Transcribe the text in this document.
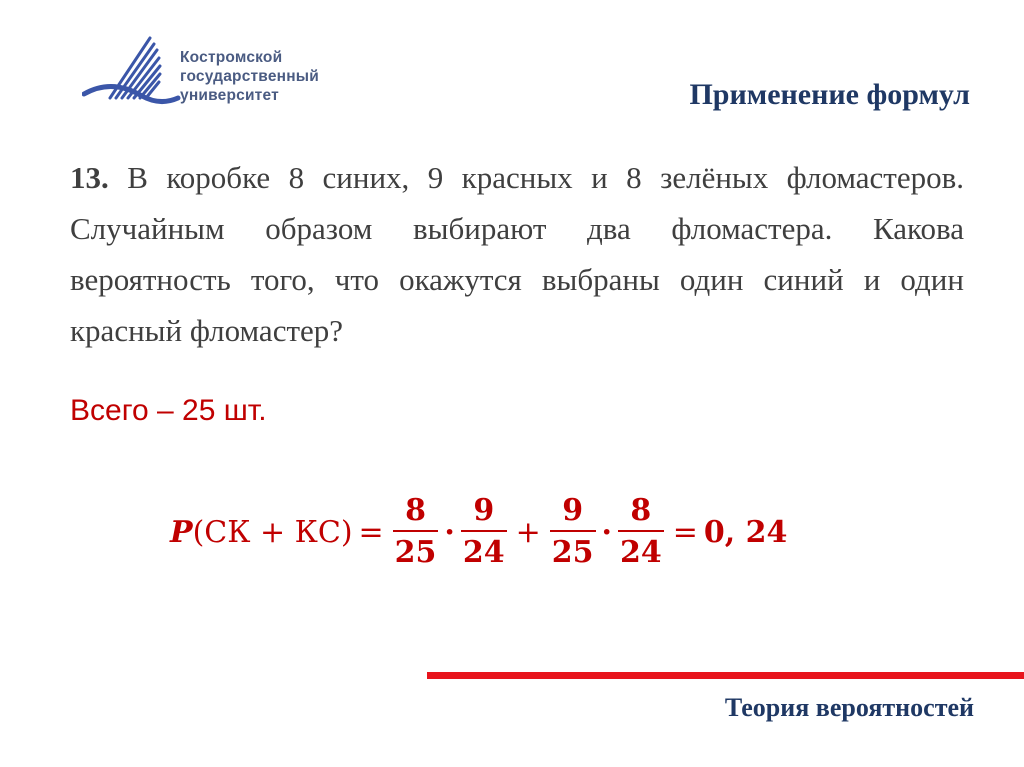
Костромской
государственный
университет	Применение формул
13. В коробке 8 синих, 9 красных и 8 зелёных фломастеров. Случайным образом выбирают два фломастера. Какова вероятность того, что окажутся выбраны один синий и один красный фломастер?
Всего – 25 шт.
P $(СК + КС) = \frac{8}{25} \cdot \frac{9}{24} + \frac{9}{25} \cdot \frac{8}{24} = 0$, 24
Теория вероятностей
